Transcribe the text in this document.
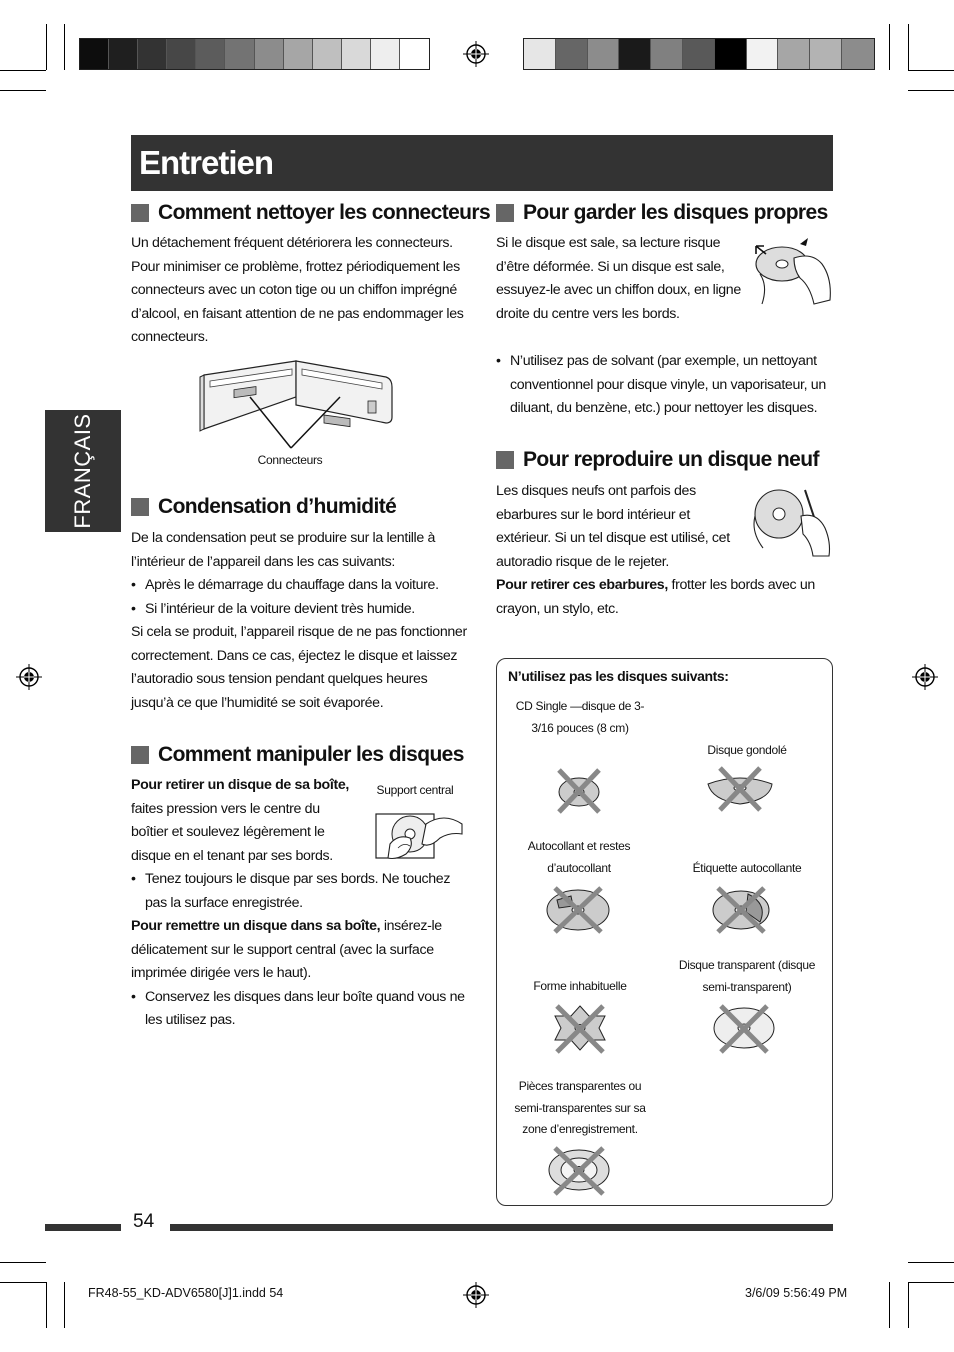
Entretien
FRANÇAIS
Comment nettoyer les connecteurs

Un détachement fréquent détériorera les connecteurs. Pour minimiser ce problème, frottez périodiquement les connecteurs avec un coton tige ou un chiffon imprégné d’alcool, en faisant attention de ne pas endommager les connecteurs.

Connecteurs
Condensation d’humidité

De la condensation peut se produire sur la lentille à l’intérieur de l’appareil dans les cas suivants:

• Après le démarrage du chauffage dans la voiture.

• Si l’intérieur de la voiture devient très humide.

Si cela se produit, l’appareil risque de ne pas fonctionner correctement. Dans ce cas, éjectez le disque et laissez l’autoradio sous tension pendant quelques heures jusqu’à ce que l’humidité se soit évaporée.

Comment manipuler les disques

Pour retirer un disque de sa boîte, faites pression vers le centre du boîtier et soulevez légèrement le disque en el tenant par ses bords.

Support central

• Tenez toujours le disque par ses bords. Ne touchez pas la surface enregistrée.

Pour remettre un disque dans sa boîte, insérez-le délicatement sur le support central (avec la surface imprimée dirigée vers le haut).

• Conservez les disques dans leur boîte quand vous ne les utilisez pas.

Pour garder les disques propres

Si le disque est sale, sa lecture risque d’être déformée. Si un disque est sale, essuyez-le avec un chiffon doux, en ligne droite du centre vers les bords.

• N’utilisez pas de solvant (par exemple, un nettoyant conventionnel pour disque vinyle, un vaporisateur, un diluant, du benzène, etc.) pour nettoyer les disques.

Pour reproduire un disque neuf

Les disques neufs ont parfois des ebarbures sur le bord intérieur et extérieur. Si un tel disque est utilisé, cet autoradio risque de le rejeter.

Pour retirer ces ebarbures, frotter les bords avec un crayon, un stylo, etc.

N’utilisez pas les disques suivants:
CD Single —disque de 3-3/16 pouces (8 cm)
Disque gondolé
Autocollant et restes d’autocollant	Étiquette autocollante
Forme inhabituelle
Disque transparent (disque semi-transparent)
Pièces transparentes ou semi-transparentes sur sa zone d’enregistrement.
54
FR48-55_KD-ADV6580[J]1.indd 54	3/6/09 5:56:49 PM
